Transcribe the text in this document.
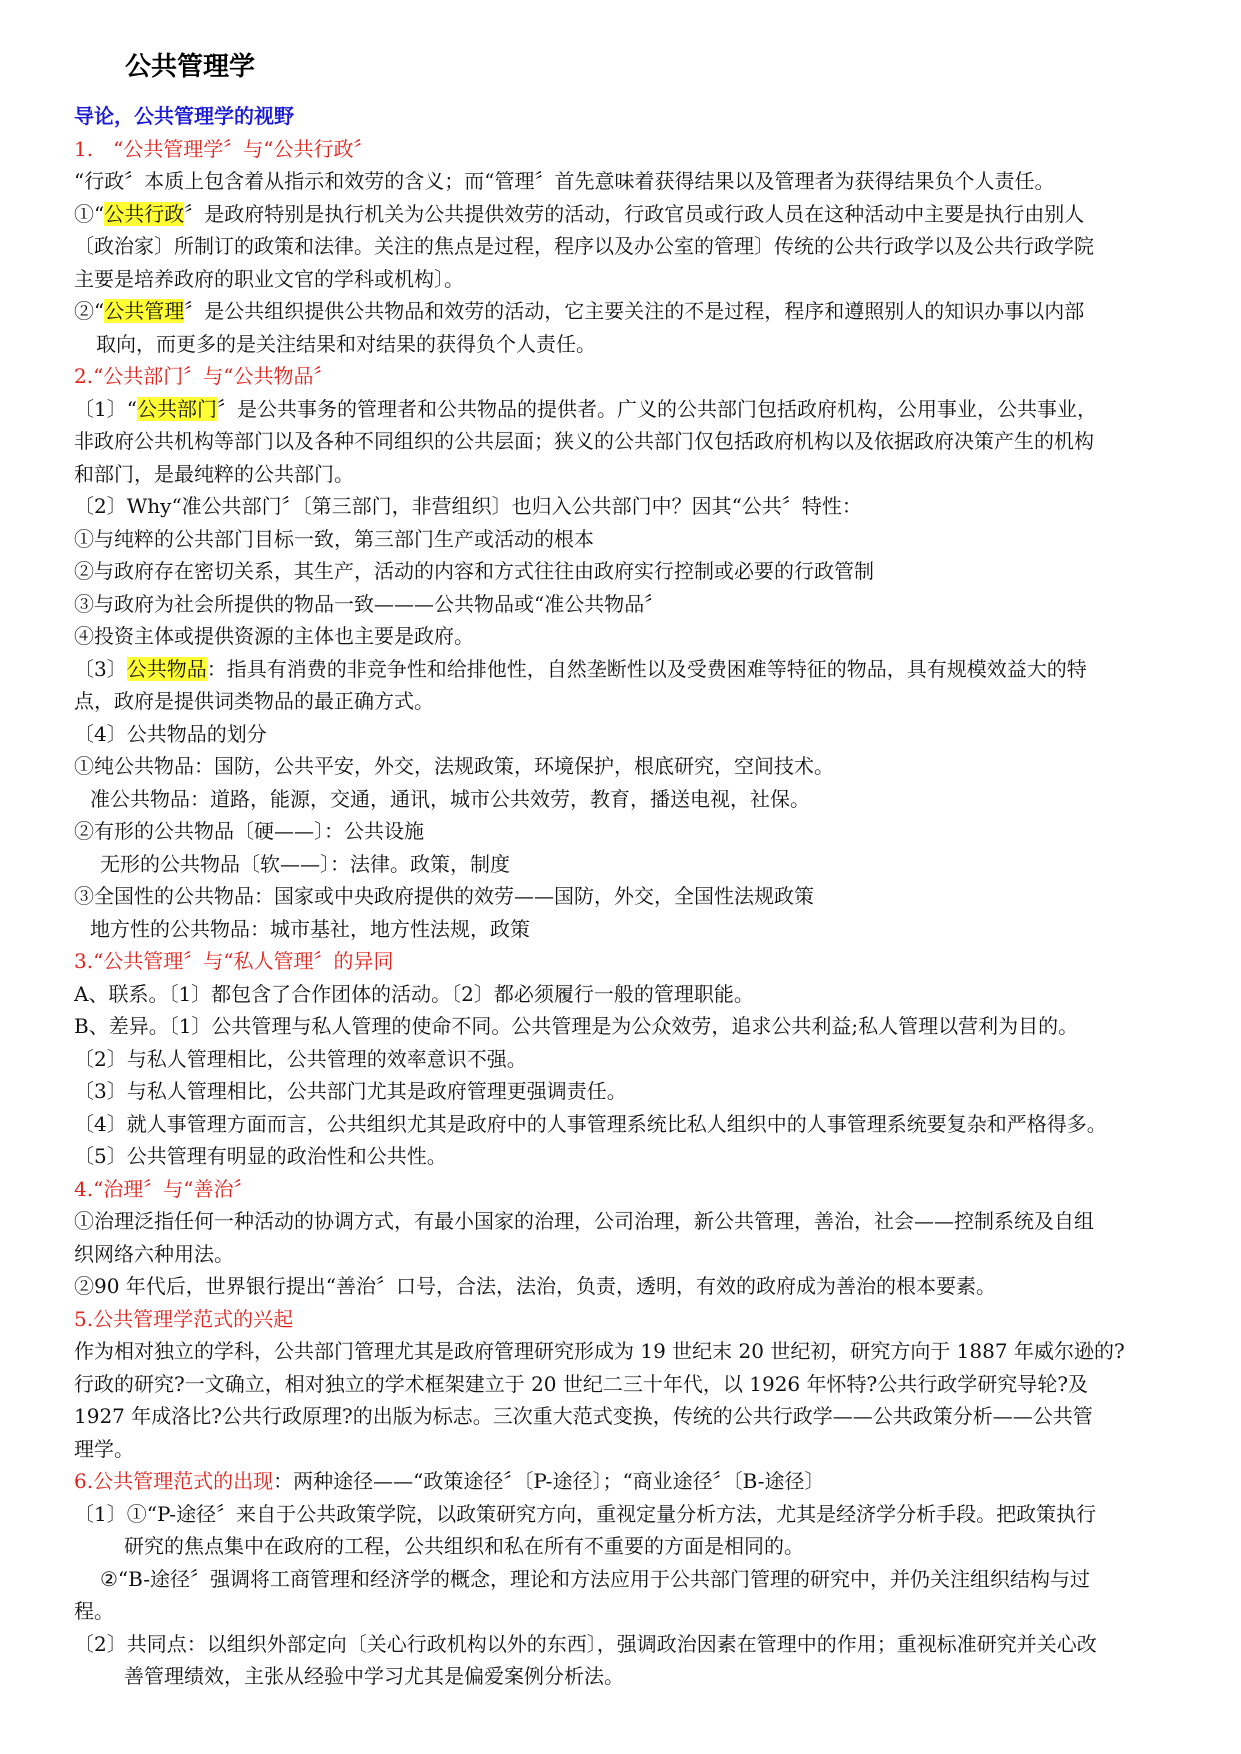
公共管理学

导论，公共管理学的视野

1.　“公共管理学〞与“公共行政〞

“行政〞本质上包含着从指示和效劳的含义；而“管理〞首先意味着获得结果以及管理者为获得结果负个人责任。

①“公共行政〞是政府特别是执行机关为公共提供效劳的活动，行政官员或行政人员在这种活动中主要是执行由别人

〔政治家〕所制订的政策和法律。关注的焦点是过程，程序以及办公室的管理〕传统的公共行政学以及公共行政学院

主要是培养政府的职业文官的学科或机构〕。

②“公共管理〞是公共组织提供公共物品和效劳的活动，它主要关注的不是过程，程序和遵照别人的知识办事以内部

取向，而更多的是关注结果和对结果的获得负个人责任。

2.“公共部门〞与“公共物品〞

〔1〕“公共部门〞是公共事务的管理者和公共物品的提供者。广义的公共部门包括政府机构，公用事业，公共事业，

非政府公共机构等部门以及各种不同组织的公共层面；狭义的公共部门仅包括政府机构以及依据政府决策产生的机构

和部门，是最纯粹的公共部门。

〔2〕Why“准公共部门〞〔第三部门，非营组织〕也归入公共部门中？因其“公共〞特性：

①与纯粹的公共部门目标一致，第三部门生产或活动的根本

②与政府存在密切关系，其生产，活动的内容和方式往往由政府实行控制或必要的行政管制

③与政府为社会所提供的物品一致———公共物品或“准公共物品〞

④投资主体或提供资源的主体也主要是政府。

〔3〕公共物品：指具有消费的非竞争性和给排他性，自然垄断性以及受费困难等特征的物品，具有规模效益大的特

点，政府是提供词类物品的最正确方式。

〔4〕公共物品的划分

①纯公共物品：国防，公共平安，外交，法规政策，环境保护，根底研究，空间技术。

准公共物品：道路，能源，交通，通讯，城市公共效劳，教育，播送电视，社保。

②有形的公共物品〔硬——〕：公共设施

无形的公共物品〔软——〕：法律。政策，制度

③全国性的公共物品：国家或中央政府提供的效劳——国防，外交，全国性法规政策

地方性的公共物品：城市基社，地方性法规，政策

3.“公共管理〞与“私人管理〞的异同

A、联系。〔1〕都包含了合作团体的活动。〔2〕都必须履行一般的管理职能。

B、差异。〔1〕公共管理与私人管理的使命不同。公共管理是为公众效劳，追求公共利益;私人管理以营利为目的。

〔2〕与私人管理相比，公共管理的效率意识不强。

〔3〕与私人管理相比，公共部门尤其是政府管理更强调责任。

〔4〕就人事管理方面而言，公共组织尤其是政府中的人事管理系统比私人组织中的人事管理系统要复杂和严格得多。

〔5〕公共管理有明显的政治性和公共性。

4.“治理〞与“善治〞

①治理泛指任何一种活动的协调方式，有最小国家的治理，公司治理，新公共管理，善治，社会——控制系统及自组

织网络六种用法。

②90 年代后，世界银行提出“善治〞口号，合法，法治，负责，透明，有效的政府成为善治的根本要素。

5.公共管理学范式的兴起

作为相对独立的学科，公共部门管理尤其是政府管理研究形成为 19 世纪末 20 世纪初，研究方向于 1887 年威尔逊的?

行政的研究?一文确立，相对独立的学术框架建立于 20 世纪二三十年代，以 1926 年怀特?公共行政学研究导轮?及

1927 年成洛比?公共行政原理?的出版为标志。三次重大范式变换，传统的公共行政学——公共政策分析——公共管

理学。

6.公共管理范式的出现：两种途径——“政策途径〞〔P-途径〕；“商业途径〞〔B-途径〕

〔1〕①“P-途径〞来自于公共政策学院，以政策研究方向，重视定量分析方法，尤其是经济学分析手段。把政策执行

研究的焦点集中在政府的工程，公共组织和私在所有不重要的方面是相同的。

②“B-途径〞强调将工商管理和经济学的概念，理论和方法应用于公共部门管理的研究中，并仍关注组织结构与过

程。

〔2〕共同点：以组织外部定向〔关心行政机构以外的东西〕，强调政治因素在管理中的作用；重视标准研究并关心改

善管理绩效，主张从经验中学习尤其是偏爱案例分析法。
